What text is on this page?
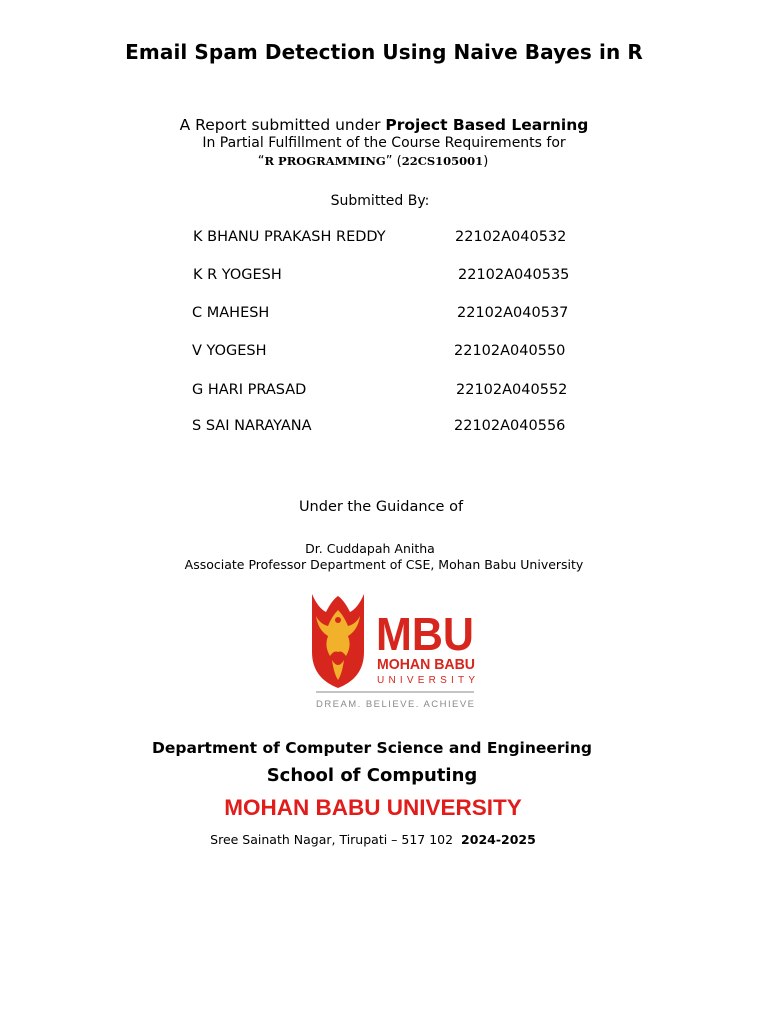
Email Spam Detection Using Naive Bayes in R
A Report submitted under Project Based Learning
In Partial Fulfillment of the Course Requirements for
“R PROGRAMMING” (22CS105001)
Submitted By:
K BHANU PRAKASH REDDY	22102A040532
K R YOGESH	22102A040535
C MAHESH	22102A040537
V YOGESH	22102A040550
G HARI PRASAD	22102A040552
S SAI NARAYANA	22102A040556
Under the Guidance of
Dr. Cuddapah Anitha
Associate Professor Department of CSE, Mohan Babu University
MBU
MOHAN BABU
UNIVERSITY
DREAM. BELIEVE. ACHIEVE
Department of Computer Science and Engineering
School of Computing
MOHAN BABU UNIVERSITY
Sree Sainath Nagar, Tirupati – 517 102 2024-2025
